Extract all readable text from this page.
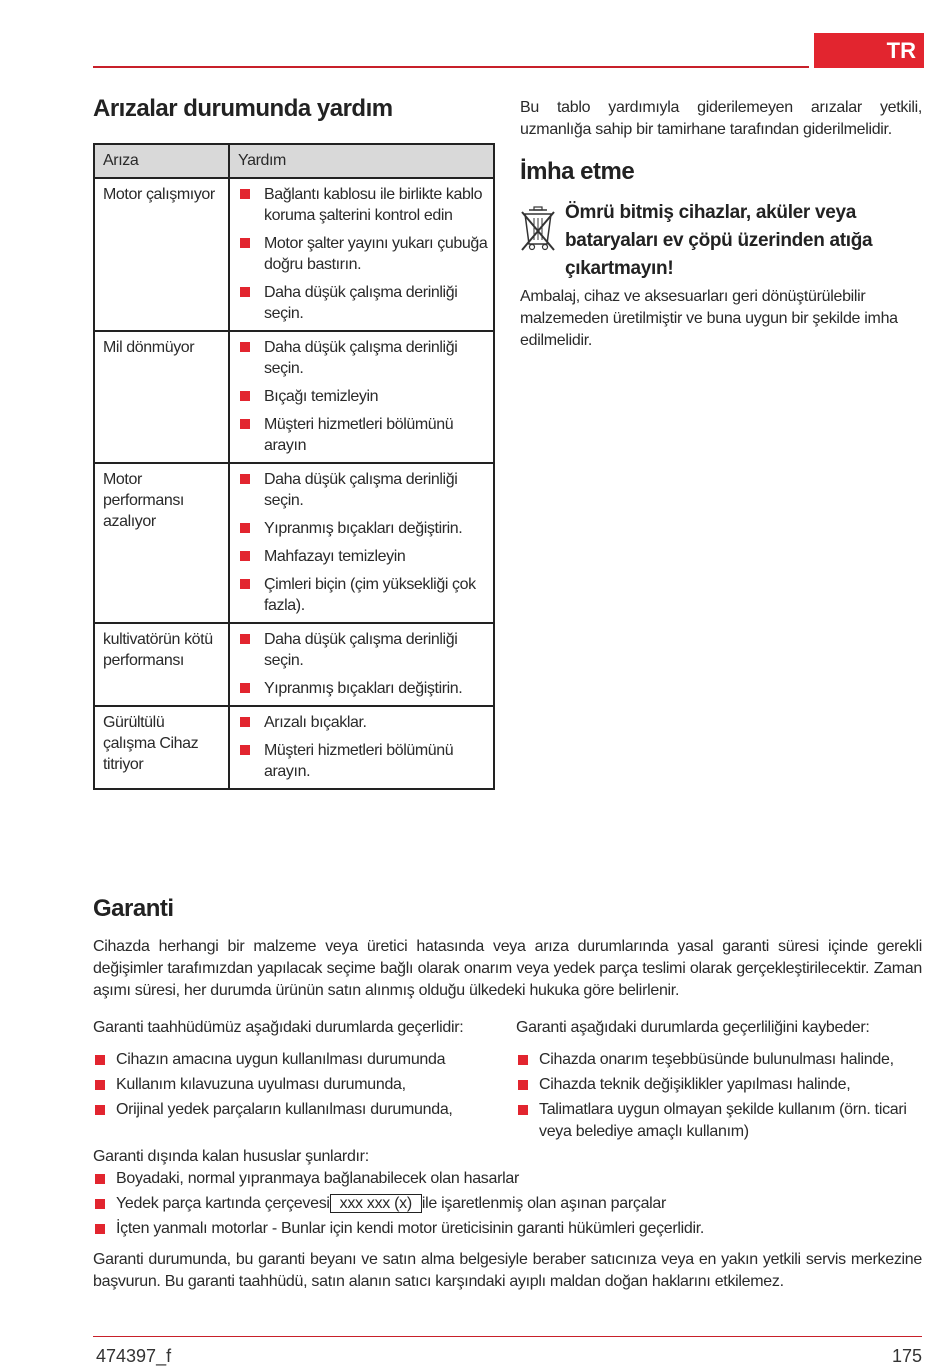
TR
Arızalar durumunda yardım
Arıza	Yardım
Motor çalışmıyor	Bağlantı kablosu ile birlikte kablo koruma şalterini kontrol edin
Motor şalter yayını yukarı çubuğa doğru bastırın.
Daha düşük çalışma derinliği seçin.

Mil dönmüyor	Daha düşük çalışma derinliği seçin.
Bıçağı temizleyin
Müşteri hizmetleri bölümünü arayın

Motor performansı azalıyor	Daha düşük çalışma derinliği seçin.
Yıpranmış bıçakları değiştirin.
Mahfazayı temizleyin
Çimleri biçin (çim yüksekliği çok fazla).

kultivatörün kötü performansı	Daha düşük çalışma derinliği seçin.
Yıpranmış bıçakları değiştirin.

Gürültülü çalışma Cihaz titriyor	Arızalı bıçaklar.
Müşteri hizmetleri bölümünü arayın.

Bu tablo yardımıyla giderilemeyen arızalar yetkili, uzmanlığa sahip bir tamirhane tarafından giderilmelidir.

İmha etme
Ömrü bitmiş cihazlar, aküler veya bataryaları ev çöpü üzerinden atığa çıkartmayın!

Ambalaj, cihaz ve aksesuarları geri dönüştürülebilir malzemeden üretilmiştir ve buna uygun bir şekilde imha edilmelidir.

Garanti

Cihazda herhangi bir malzeme veya üretici hatasında veya arıza durumlarında yasal garanti süresi içinde gerekli değişimler tarafımızdan yapılacak seçime bağlı olarak onarım veya yedek parça teslimi olarak gerçekleştirilecektir. Zaman aşımı süresi, her durumda ürünün satın alınmış olduğu ülkedeki hukuka göre belirlenir.

Garanti taahhüdümüz aşağıdaki durumlarda geçerlidir:

Cihazın amacına uygun kullanılması durumunda
Kullanım kılavuzuna uyulması durumunda,
Orijinal yedek parçaların kullanılması durumunda,

Garanti aşağıdaki durumlarda geçerliliğini kaybeder:

Cihazda onarım teşebbüsünde bulunulması halinde,
Cihazda teknik değişiklikler yapılması halinde,
Talimatlara uygun olmayan şekilde kullanım (örn. ticari veya belediye amaçlı kullanım)

Garanti dışında kalan hususlar şunlardır:

Boyadaki, normal yıpranmaya bağlanabilecek olan hasarlar
Yedek parça kartında çerçevesi xxx xxx (x) ile işaretlenmiş olan aşınan parçalar
İçten yanmalı motorlar - Bunlar için kendi motor üreticisinin garanti hükümleri geçerlidir.

Garanti durumunda, bu garanti beyanı ve satın alma belgesiyle beraber satıcınıza veya en yakın yetkili servis merkezine başvurun. Bu garanti taahhüdü, satın alanın satıcı karşındaki ayıplı maldan doğan haklarını etkilemez.

474397_f	175
